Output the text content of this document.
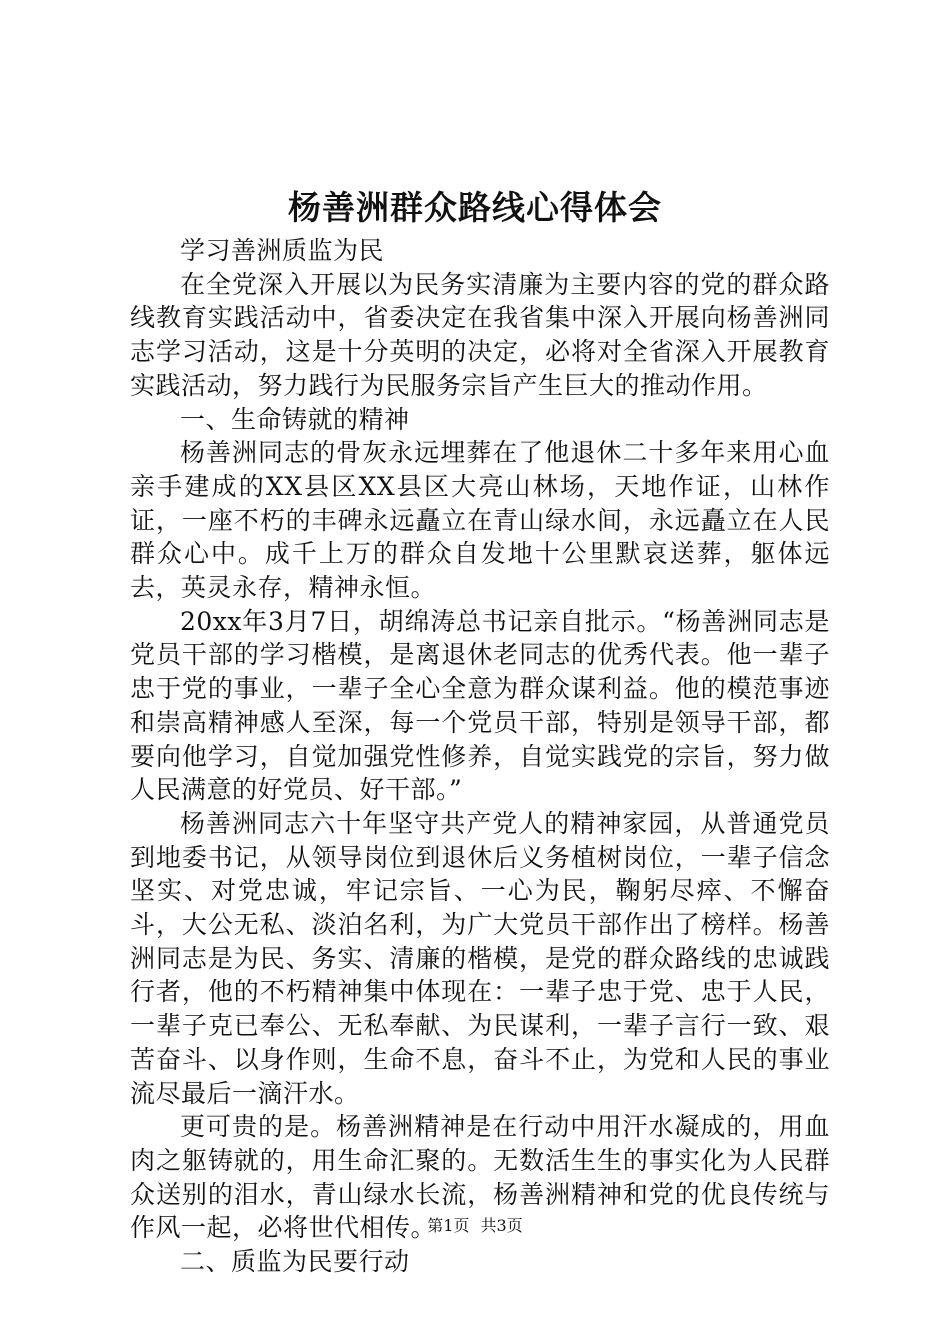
杨善洲群众路线心得体会

学习善洲质监为民

在全党深入开展以为民务实清廉为主要内容的党的群众路线教育实践活动中，省委决定在我省集中深入开展向杨善洲同志学习活动，这是十分英明的决定，必将对全省深入开展教育实践活动，努力践行为民服务宗旨产生巨大的推动作用。

一、生命铸就的精神

杨善洲同志的骨灰永远埋葬在了他退休二十多年来用心血亲手建成的XX县区XX县区大亮山林场，天地作证，山林作证，一座不朽的丰碑永远矗立在青山绿水间，永远矗立在人民群众心中。成千上万的群众自发地十公里默哀送葬，躯体远去，英灵永存，精神永恒。

20xx年3月7日，胡绵涛总书记亲自批示。“杨善洲同志是党员干部的学习楷模，是离退休老同志的优秀代表。他一辈子忠于党的事业，一辈子全心全意为群众谋利益。他的模范事迹和崇高精神感人至深，每一个党员干部，特别是领导干部，都要向他学习，自觉加强党性修养，自觉实践党的宗旨，努力做人民满意的好党员、好干部。”

杨善洲同志六十年坚守共产党人的精神家园，从普通党员到地委书记，从领导岗位到退休后义务植树岗位，一辈子信念坚实、对党忠诚，牢记宗旨、一心为民，鞠躬尽瘁、不懈奋斗，大公无私、淡泊名利，为广大党员干部作出了榜样。杨善洲同志是为民、务实、清廉的楷模，是党的群众路线的忠诚践行者，他的不朽精神集中体现在：一辈子忠于党、忠于人民，一辈子克已奉公、无私奉献、为民谋利，一辈子言行一致、艰苦奋斗、以身作则，生命不息，奋斗不止，为党和人民的事业流尽最后一滴汗水。

更可贵的是。杨善洲精神是在行动中用汗水凝成的，用血肉之躯铸就的，用生命汇聚的。无数活生生的事实化为人民群众送别的泪水，青山绿水长流，杨善洲精神和党的优良传统与作风一起，必将世代相传。

二、质监为民要行动

第1页 共3页
